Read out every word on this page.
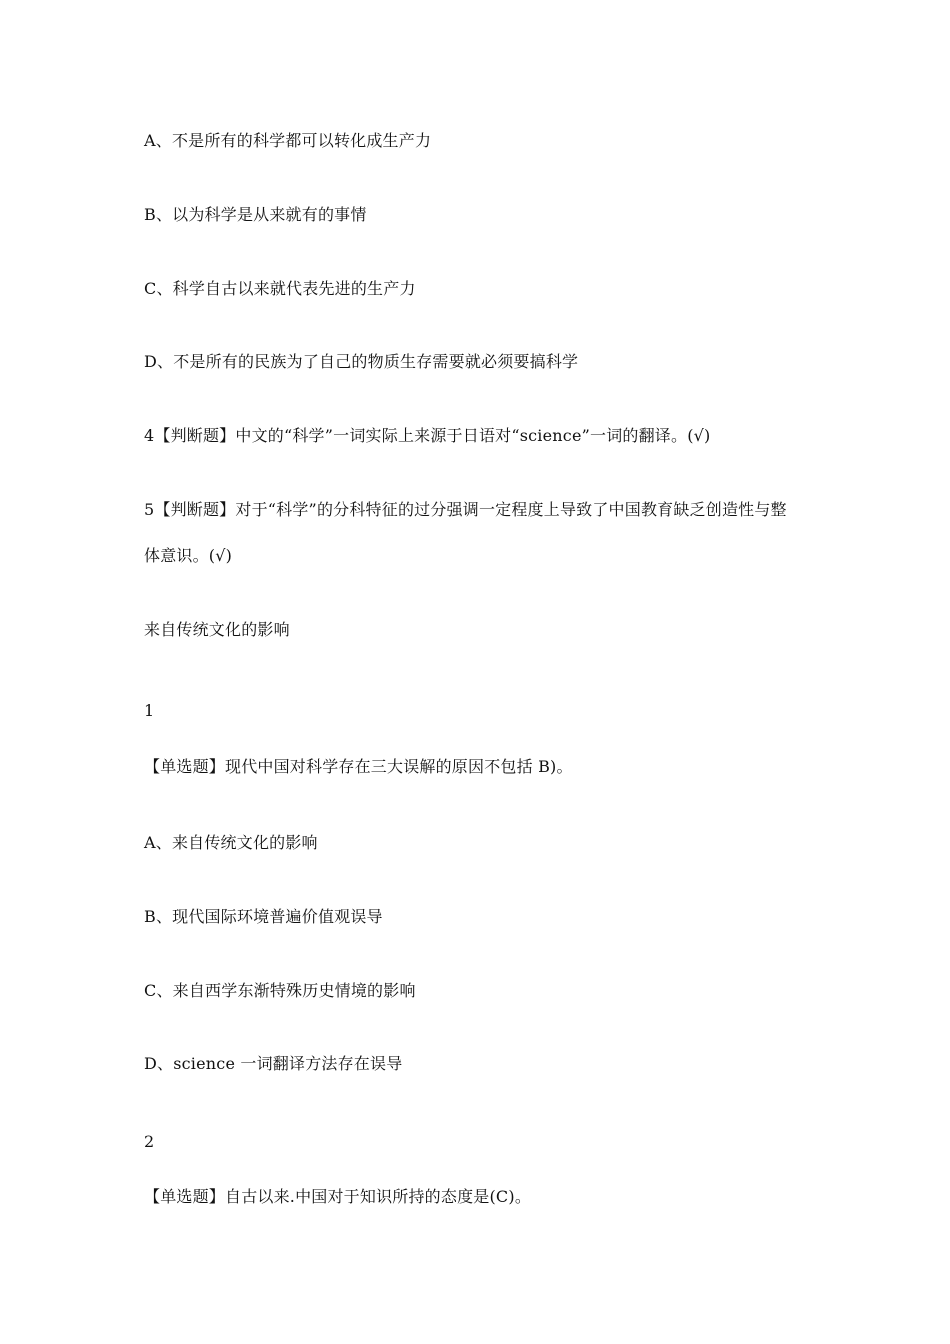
A、不是所有的科学都可以转化成生产力

B、以为科学是从来就有的事情

C、科学自古以来就代表先进的生产力

D、不是所有的民族为了自己的物质生存需要就必须要搞科学

4【判断题】中文的“科学”一词实际上来源于日语对“science”一词的翻译。(√)

5【判断题】对于“科学”的分科特征的过分强调一定程度上导致了中国教育缺乏创造性与整

体意识。(√)

来自传统文化的影响

1

【单选题】现代中国对科学存在三大误解的原因不包括 B)。

A、来自传统文化的影响

B、现代国际环境普遍价值观误导

C、来自西学东渐特殊历史情境的影响

D、science 一词翻译方法存在误导

2

【单选题】自古以来.中国对于知识所持的态度是(C)。
